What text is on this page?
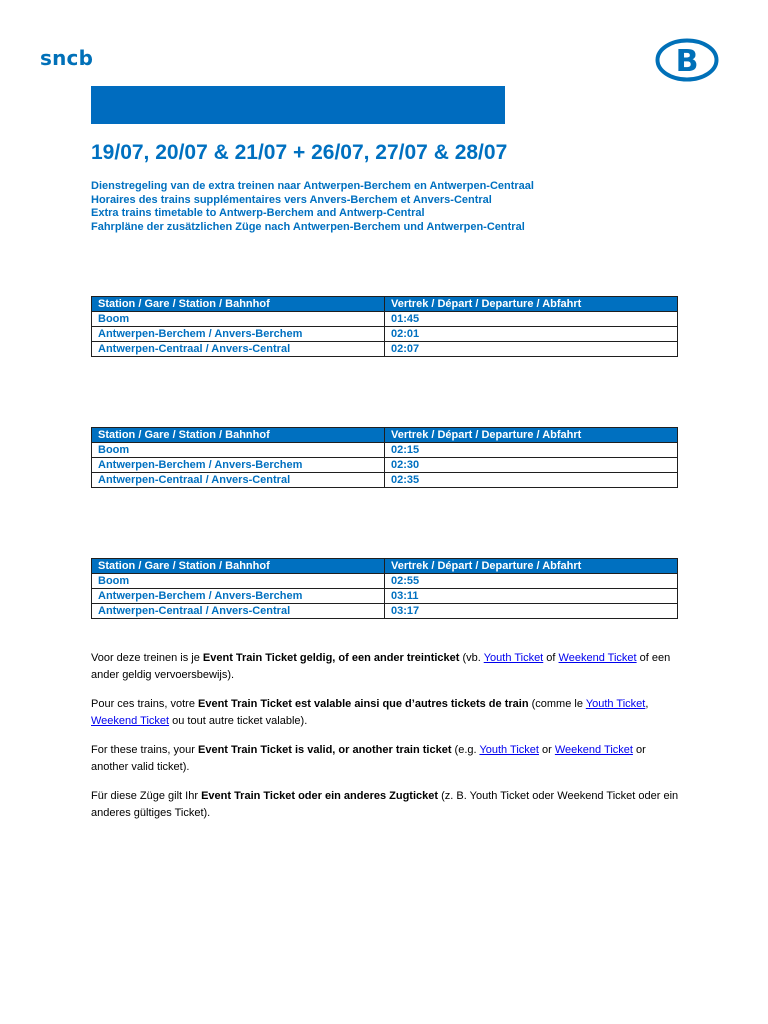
sncb	B
19/07, 20/07 & 21/07 + 26/07, 27/07 & 28/07
Dienstregeling van de extra treinen naar Antwerpen-Berchem en Antwerpen-Centraal
Horaires des trains supplémentaires vers Anvers-Berchem et Anvers-Central
Extra trains timetable to Antwerp-Berchem and Antwerp-Central
Fahrpläne der zusätzlichen Züge nach Antwerpen-Berchem und Antwerpen-Central
Station / Gare / Station / Bahnhof	Vertrek / Départ / Departure / Abfahrt
Boom	01:45
Antwerpen-Berchem / Anvers-Berchem	02:01
Antwerpen-Centraal / Anvers-Central	02:07
Station / Gare / Station / Bahnhof	Vertrek / Départ / Departure / Abfahrt
Boom	02:15
Antwerpen-Berchem / Anvers-Berchem	02:30
Antwerpen-Centraal / Anvers-Central	02:35
Station / Gare / Station / Bahnhof	Vertrek / Départ / Departure / Abfahrt
Boom	02:55
Antwerpen-Berchem / Anvers-Berchem	03:11
Antwerpen-Centraal / Anvers-Central	03:17

Voor deze treinen is je Event Train Ticket geldig, of een ander treinticket (vb. Youth Ticket of Weekend Ticket of een ander geldig vervoersbewijs).

Pour ces trains, votre Event Train Ticket est valable ainsi que d’autres tickets de train (comme le Youth Ticket, Weekend Ticket ou tout autre ticket valable).

For these trains, your Event Train Ticket is valid, or another train ticket (e.g. Youth Ticket or Weekend Ticket or another valid ticket).

Für diese Züge gilt Ihr Event Train Ticket oder ein anderes Zugticket (z. B. Youth Ticket oder Weekend Ticket oder ein anderes gültiges Ticket).
